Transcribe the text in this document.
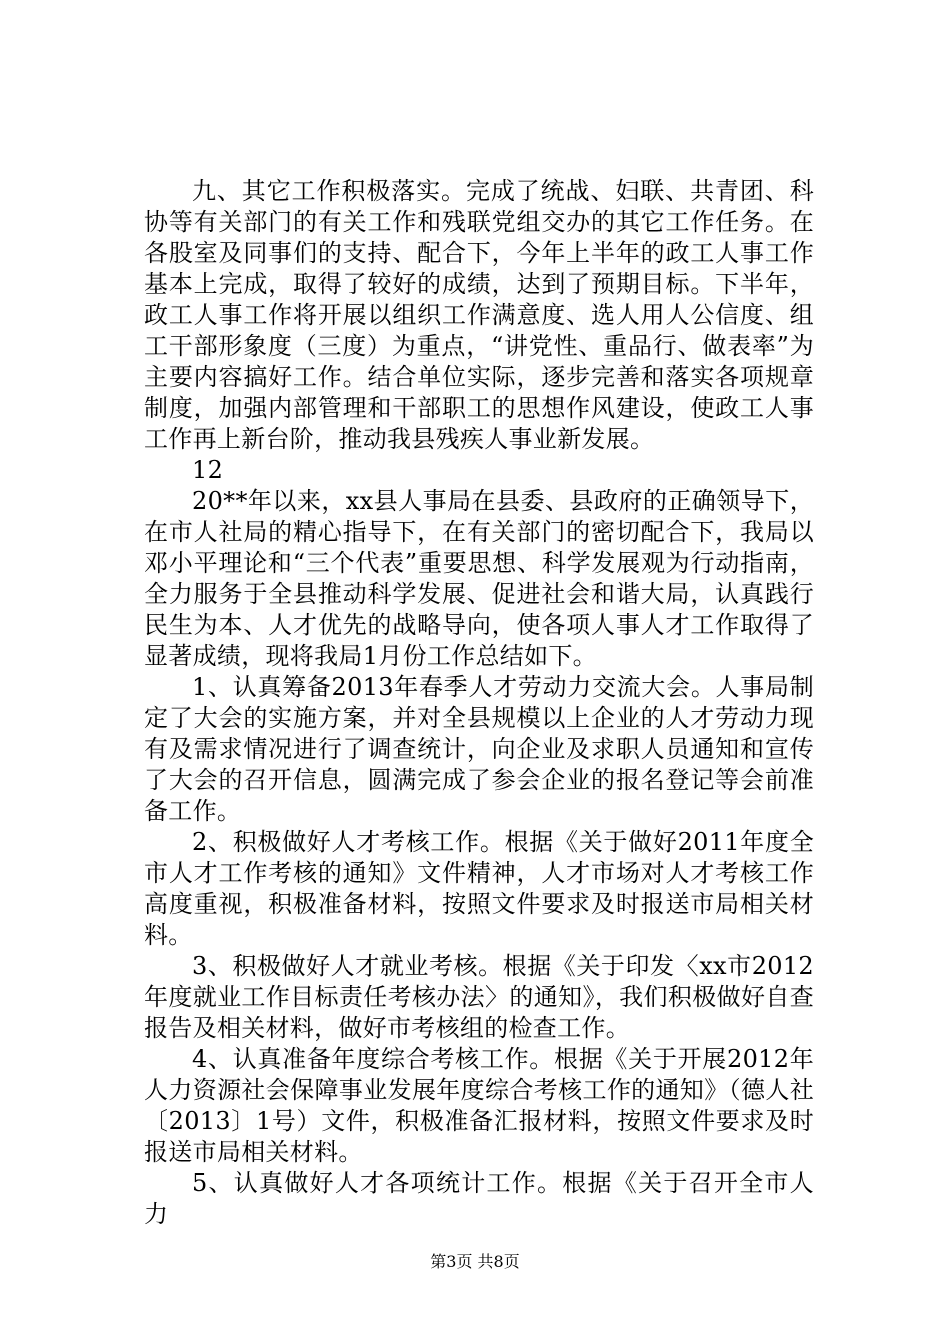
九、其它工作积极落实。完成了统战、妇联、共青团、科协等有关部门的有关工作和残联党组交办的其它工作任务。在各股室及同事们的支持、配合下，今年上半年的政工人事工作基本上完成，取得了较好的成绩，达到了预期目标。下半年，政工人事工作将开展以组织工作满意度、选人用人公信度、组工干部形象度（三度）为重点，“讲党性、重品行、做表率”为主要内容搞好工作。结合单位实际，逐步完善和落实各项规章制度，加强内部管理和干部职工的思想作风建设，使政工人事工作再上新台阶，推动我县残疾人事业新发展。

12

20**年以来，xx县人事局在县委、县政府的正确领导下，在市人社局的精心指导下，在有关部门的密切配合下，我局以邓小平理论和“三个代表”重要思想、科学发展观为行动指南，全力服务于全县推动科学发展、促进社会和谐大局，认真践行民生为本、人才优先的战略导向，使各项人事人才工作取得了显著成绩，现将我局1月份工作总结如下。

1、认真筹备2013年春季人才劳动力交流大会。人事局制定了大会的实施方案，并对全县规模以上企业的人才劳动力现有及需求情况进行了调查统计，向企业及求职人员通知和宣传了大会的召开信息，圆满完成了参会企业的报名登记等会前准备工作。

2、积极做好人才考核工作。根据《关于做好2011年度全市人才工作考核的通知》文件精神，人才市场对人才考核工作高度重视，积极准备材料，按照文件要求及时报送市局相关材料。

3、积极做好人才就业考核。根据《关于印发〈xx市2012年度就业工作目标责任考核办法〉的通知》，我们积极做好自查报告及相关材料，做好市考核组的检查工作。

4、认真准备年度综合考核工作。根据《关于开展2012年人力资源社会保障事业发展年度综合考核工作的通知》（德人社〔2013〕1号）文件，积极准备汇报材料，按照文件要求及时报送市局相关材料。

5、认真做好人才各项统计工作。根据《关于召开全市人力

第3页 共8页
